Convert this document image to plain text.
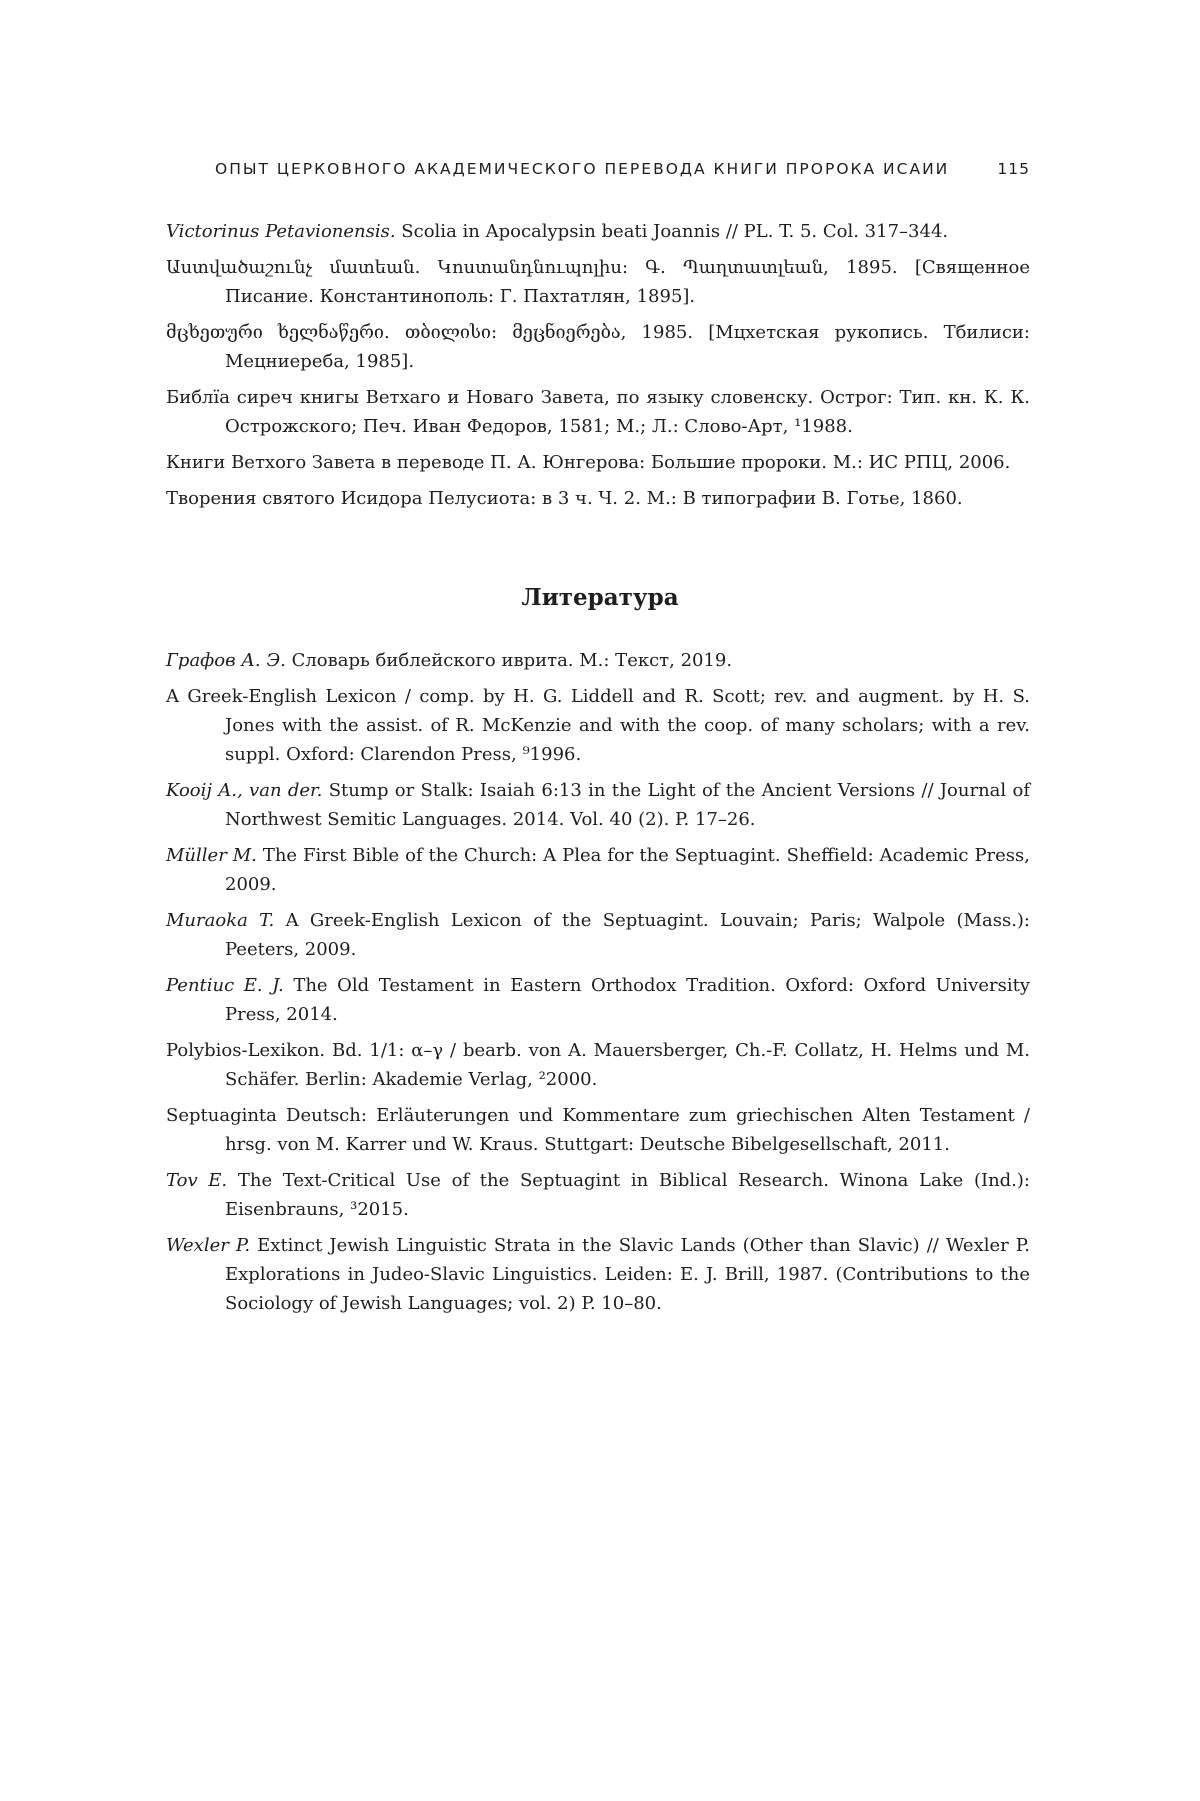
ОПЫТ ЦЕРКОВНОГО АКАДЕМИЧЕСКОГО ПЕРЕВОДА КНИГИ ПРОРОКА ИСАИИ	115
Victorinus Petavionensis. Scolia in Apocalypsin beati Joannis // PL. T. 5. Col. 317–344.
Աստվածաշունչ մատեան. Կոստանդնուպոլիս: Գ. Պաղտատլեան, 1895. [Священное Писание. Константинополь: Г. Пахтатлян, 1895].
მცხეთური ხელნაწერი. თბილისი: მეცნიერება, 1985. [Мцхетская рукопись. Тбилиси: Мецниереба, 1985].
Библїа сиреч книгы Ветхаго и Новаго Завета, по языку словенску. Острог: Тип. кн. К. К. Острожского; Печ. Иван Федоров, 1581; М.; Л.: Слово-Арт, ¹1988.
Книги Ветхого Завета в переводе П. А. Юнгерова: Большие пророки. М.: ИС РПЦ, 2006.
Творения святого Исидора Пелусиота: в 3 ч. Ч. 2. М.: В типографии В. Готье, 1860.
Литература
Графов А. Э. Словарь библейского иврита. М.: Текст, 2019.
A Greek-English Lexicon / comp. by H. G. Liddell and R. Scott; rev. and augment. by H. S. Jones with the assist. of R. McKenzie and with the coop. of many scholars; with a rev. suppl. Oxford: Clarendon Press, ⁹1996.
Kooij A., van der. Stump or Stalk: Isaiah 6:13 in the Light of the Ancient Versions // Journal of Northwest Semitic Languages. 2014. Vol. 40 (2). P. 17–26.
Müller M. The First Bible of the Church: A Plea for the Septuagint. Sheffield: Academic Press, 2009.
Muraoka T. A Greek-English Lexicon of the Septuagint. Louvain; Paris; Walpole (Mass.): Peeters, 2009.
Pentiuc E. J. The Old Testament in Eastern Orthodox Tradition. Oxford: Oxford University Press, 2014.
Polybios-Lexikon. Bd. 1/1: α–γ / bearb. von A. Mauersberger, Ch.-F. Collatz, H. Helms und M. Schäfer. Berlin: Akademie Verlag, ²2000.
Septuaginta Deutsch: Erläuterungen und Kommentare zum griechischen Alten Testament / hrsg. von M. Karrer und W. Kraus. Stuttgart: Deutsche Bibelgesellschaft, 2011.
Tov E. The Text-Critical Use of the Septuagint in Biblical Research. Winona Lake (Ind.): Eisenbrauns, ³2015.
Wexler P. Extinct Jewish Linguistic Strata in the Slavic Lands (Other than Slavic) // Wexler P. Explorations in Judeo-Slavic Linguistics. Leiden: E. J. Brill, 1987. (Contributions to the Sociology of Jewish Languages; vol. 2) P. 10–80.
